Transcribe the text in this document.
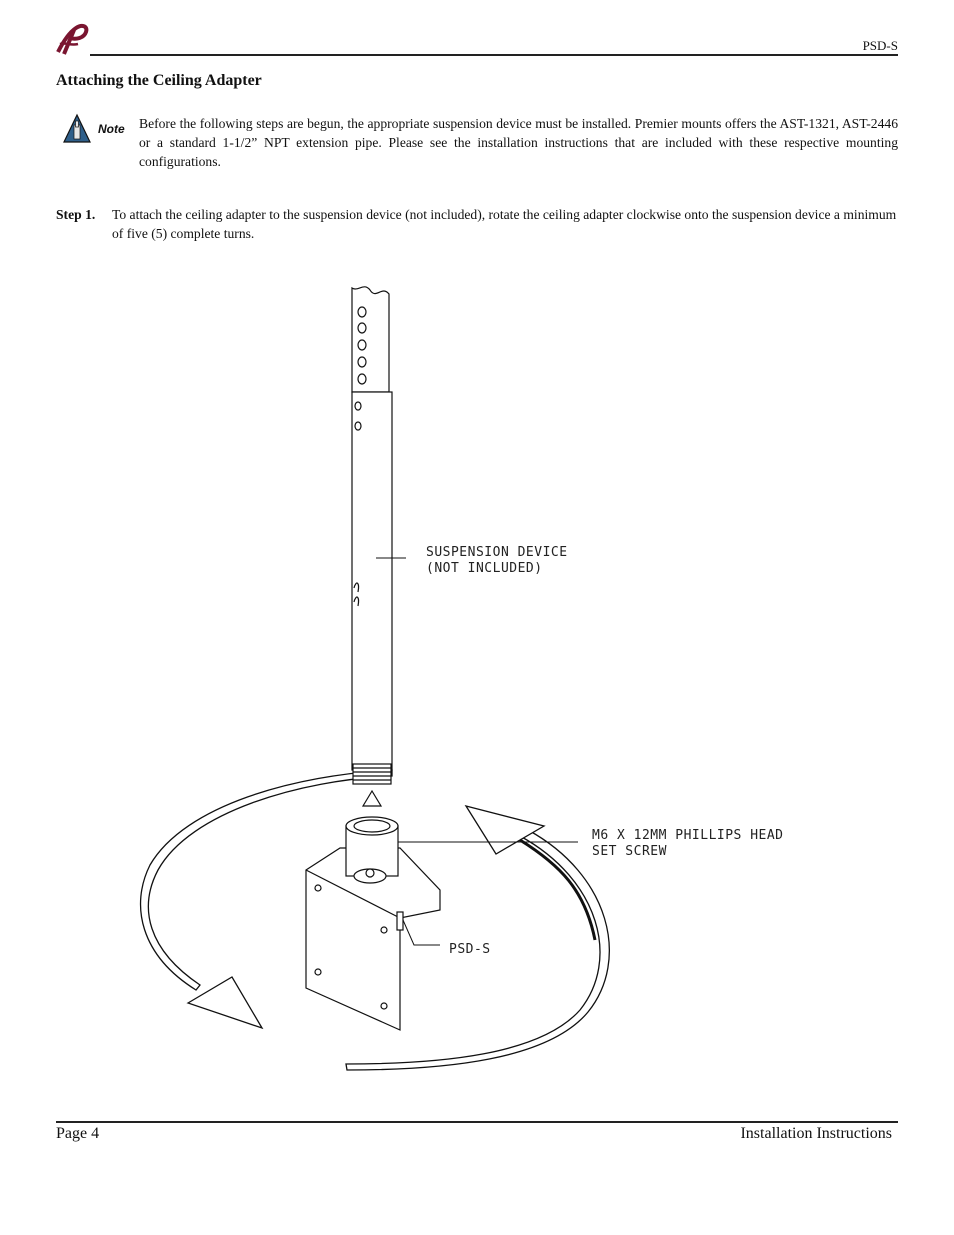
PSD-S
Attaching the Ceiling Adapter
Note Before the following steps are begun, the appropriate suspension device must be installed. Premier mounts offers the AST-1321, AST-2446 or a standard 1-1/2” NPT extension pipe. Please see the installation instructions that are included with these respective mounting configurations.

Step 1. To attach the ceiling adapter to the suspension device (not included), rotate the ceiling adapter clockwise onto the suspension device a minimum of five (5) complete turns.
SUSPENSION DEVICE
(NOT INCLUDED)
M6 X 12MM PHILLIPS HEAD
SET SCREW
PSD-S
Page 4	Installation Instructions
